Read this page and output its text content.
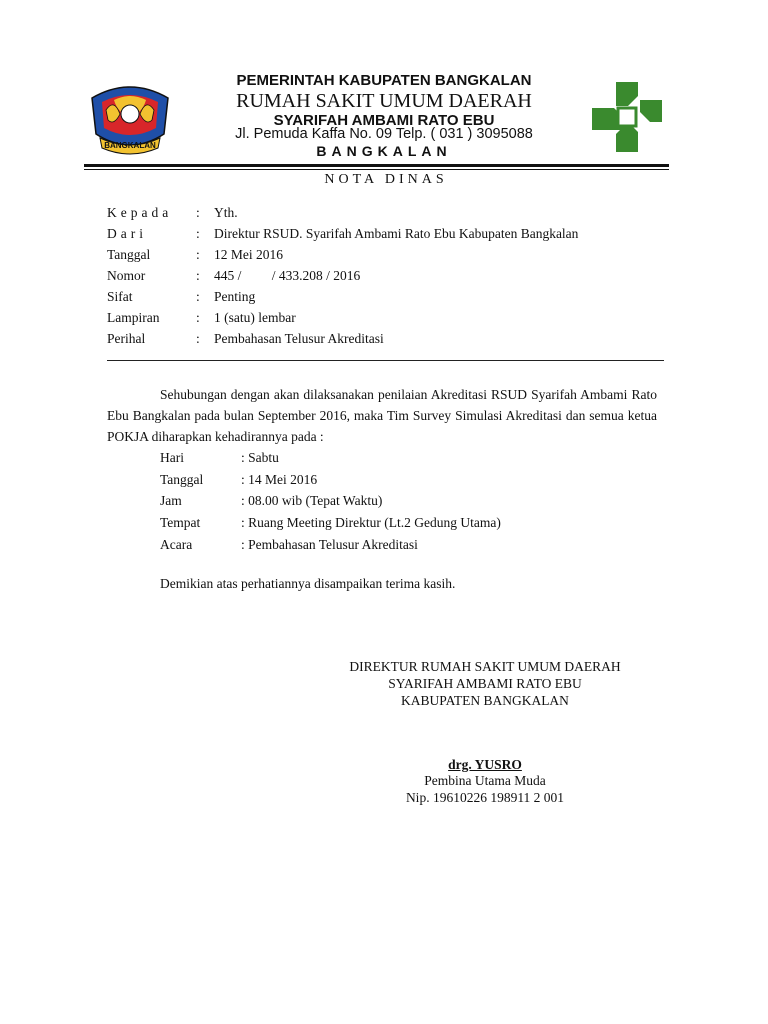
BANGKALAN
PEMERINTAH KABUPATEN BANGKALAN
RUMAH SAKIT UMUM DAERAH
SYARIFAH AMBAMI RATO EBU
Jl. Pemuda Kaffa No. 09 Telp. ( 031 ) 3095088
BANGKALAN
NOTA DINAS
Kepada	: Yth.
Dari	: Direktur RSUD. Syarifah Ambami Rato Ebu Kabupaten Bangkalan
Tanggal	: 12 Mei 2016
Nomor	: 445 /         / 433.208 / 2016
Sifat	: Penting
Lampiran	: 1 (satu) lembar
Perihal	: Pembahasan Telusur Akreditasi
Sehubungan dengan akan dilaksanakan penilaian Akreditasi RSUD Syarifah Ambami Rato Ebu Bangkalan pada bulan September 2016, maka Tim Survey Simulasi Akreditasi dan semua ketua POKJA diharapkan kehadirannya pada :
Hari	: Sabtu
Tanggal	: 14 Mei 2016
Jam	: 08.00 wib (Tepat Waktu)
Tempat	: Ruang Meeting Direktur (Lt.2 Gedung Utama)
Acara	: Pembahasan Telusur Akreditasi
Demikian atas perhatiannya disampaikan terima kasih.
DIREKTUR RUMAH SAKIT UMUM DAERAH
SYARIFAH AMBAMI RATO EBU
KABUPATEN BANGKALAN
drg. YUSRO
Pembina Utama Muda
Nip. 19610226 198911 2 001
